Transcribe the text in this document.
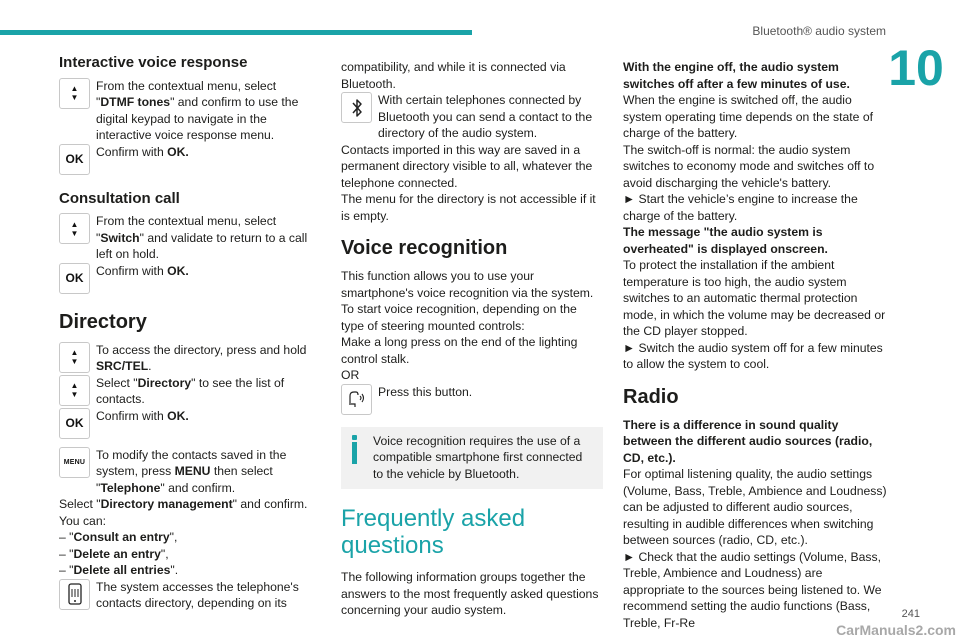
Bluetooth® audio system
10
Interactive voice response
▲
▼

From the contextual menu, select "DTMF tones" and confirm to use the digital keypad to navigate in the interactive voice response menu.

OK	Confirm with OK.

Consultation call
▲
▼

From the contextual menu, select "Switch" and validate to return to a call left on hold.

OK	Confirm with OK.

Directory
▲
▼

To access the directory, press and hold SRC/TEL.

▲
▼

Select "Directory" to see the list of contacts.

OK	Confirm with OK.

MENU

To modify the contacts saved in the system, press MENU then select "Telephone" and confirm.

Select "Directory management" and confirm.

You can:

– "Consult an entry",

– "Delete an entry",

– "Delete all entries".

The system accesses the telephone's contacts directory, depending on its

compatibility, and while it is connected via Bluetooth.

With certain telephones connected by Bluetooth you can send a contact to the directory of the audio system.

Contacts imported in this way are saved in a permanent directory visible to all, whatever the telephone connected.

The menu for the directory is not accessible if it is empty.

Voice recognition

This function allows you to use your smartphone's voice recognition via the system.

To start voice recognition, depending on the type of steering mounted controls:

Make a long press on the end of the lighting control stalk.

OR

Press this button.

Voice recognition requires the use of a compatible smartphone first connected to the vehicle by Bluetooth.

Frequently asked questions

The following information groups together the answers to the most frequently asked questions concerning your audio system.

With the engine off, the audio system switches off after a few minutes of use.

When the engine is switched off, the audio system operating time depends on the state of charge of the battery.

The switch-off is normal: the audio system switches to economy mode and switches off to avoid discharging the vehicle's battery.

► Start the vehicle’s engine to increase the charge of the battery.

The message "the audio system is overheated" is displayed onscreen.

To protect the installation if the ambient temperature is too high, the audio system switches to an automatic thermal protection mode, in which the volume may be decreased or the CD player stopped.

► Switch the audio system off for a few minutes to allow the system to cool.

Radio

There is a difference in sound quality between the different audio sources (radio, CD, etc.).

For optimal listening quality, the audio settings (Volume, Bass, Treble, Ambience and Loudness) can be adjusted to different audio sources, resulting in audible differences when switching between sources (radio, CD, etc.).

► Check that the audio settings (Volume, Bass, Treble, Ambience and Loudness) are appropriate to the sources being listened to. We recommend setting the audio functions (Bass, Treble, Fr-Re

241
CarManuals2.com
